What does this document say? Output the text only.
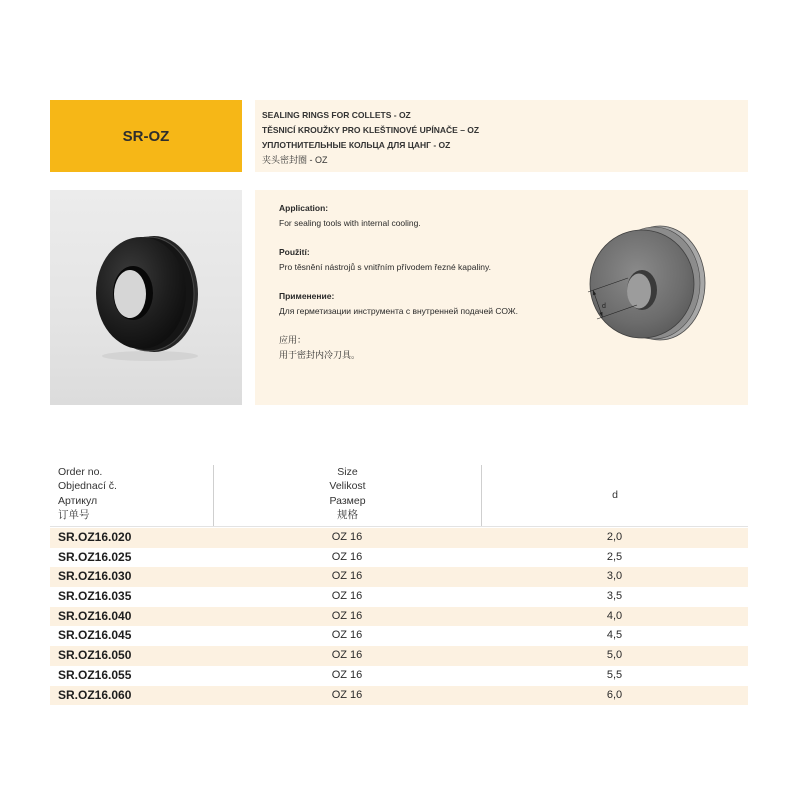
SR-OZ
SEALING RINGS FOR COLLETS - OZ
TĚSNICÍ KROUŽKY PRO KLEŠTINOVÉ UPÍNAČE – OZ
УПЛОТНИТЕЛЬНЫЕ КОЛЬЦА ДЛЯ ЦАНГ - OZ
夹头密封圈 - OZ
Application:
For sealing tools with internal cooling.
Použití:
Pro těsnění nástrojů s vnitřním přívodem řezné kapaliny.
Применение:
Для герметизации инструмента с внутренней подачей СОЖ.
应用：
用于密封内冷刀具。
d
Order no.
Objednací č.
Артикул
订单号
Size
Velikost
Размер
规格
d
SR.OZ16.020	OZ 16	2,0
SR.OZ16.025	OZ 16	2,5
SR.OZ16.030	OZ 16	3,0
SR.OZ16.035	OZ 16	3,5
SR.OZ16.040	OZ 16	4,0
SR.OZ16.045	OZ 16	4,5
SR.OZ16.050	OZ 16	5,0
SR.OZ16.055	OZ 16	5,5
SR.OZ16.060	OZ 16	6,0
